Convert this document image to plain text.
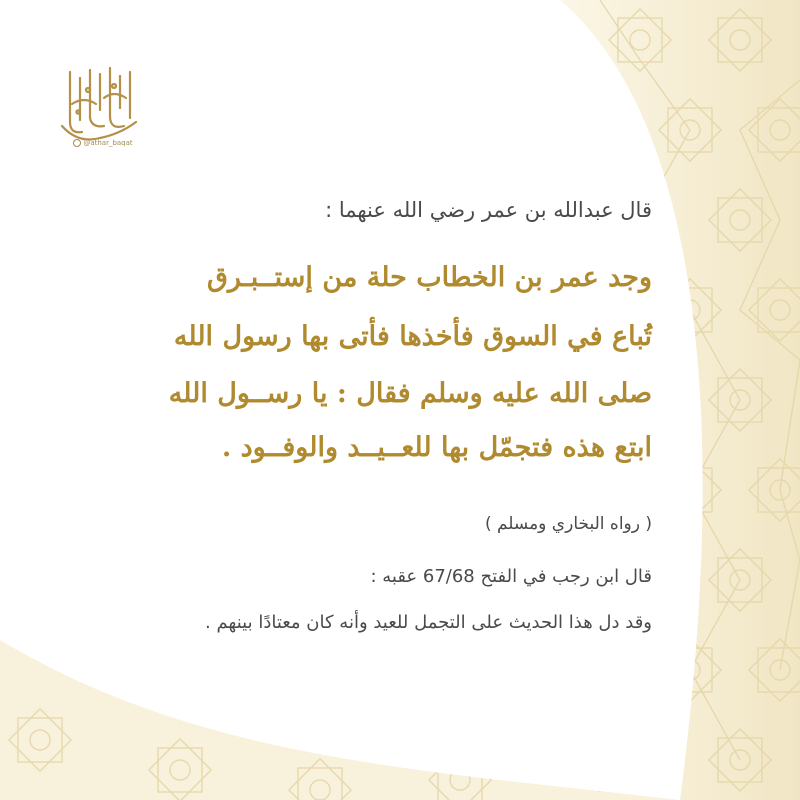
@athar_baqat
قال عبدالله بن عمر رضي الله عنهما :
وجد عمر بن الخطاب حلة من إستــبـرق
تُباع في السوق فأخذها فأتى بها رسول الله
صلى الله عليه وسلم فقال : يا رســول الله
ابتع هذه فتجمّل بها للعــيــد والوفــود .
( رواه البخاري ومسلم )
قال ابن رجب في الفتح 67/68 عقبه :
وقد دل هذا الحديث على التجمل للعيد وأنه كان معتادًا بينهم .
